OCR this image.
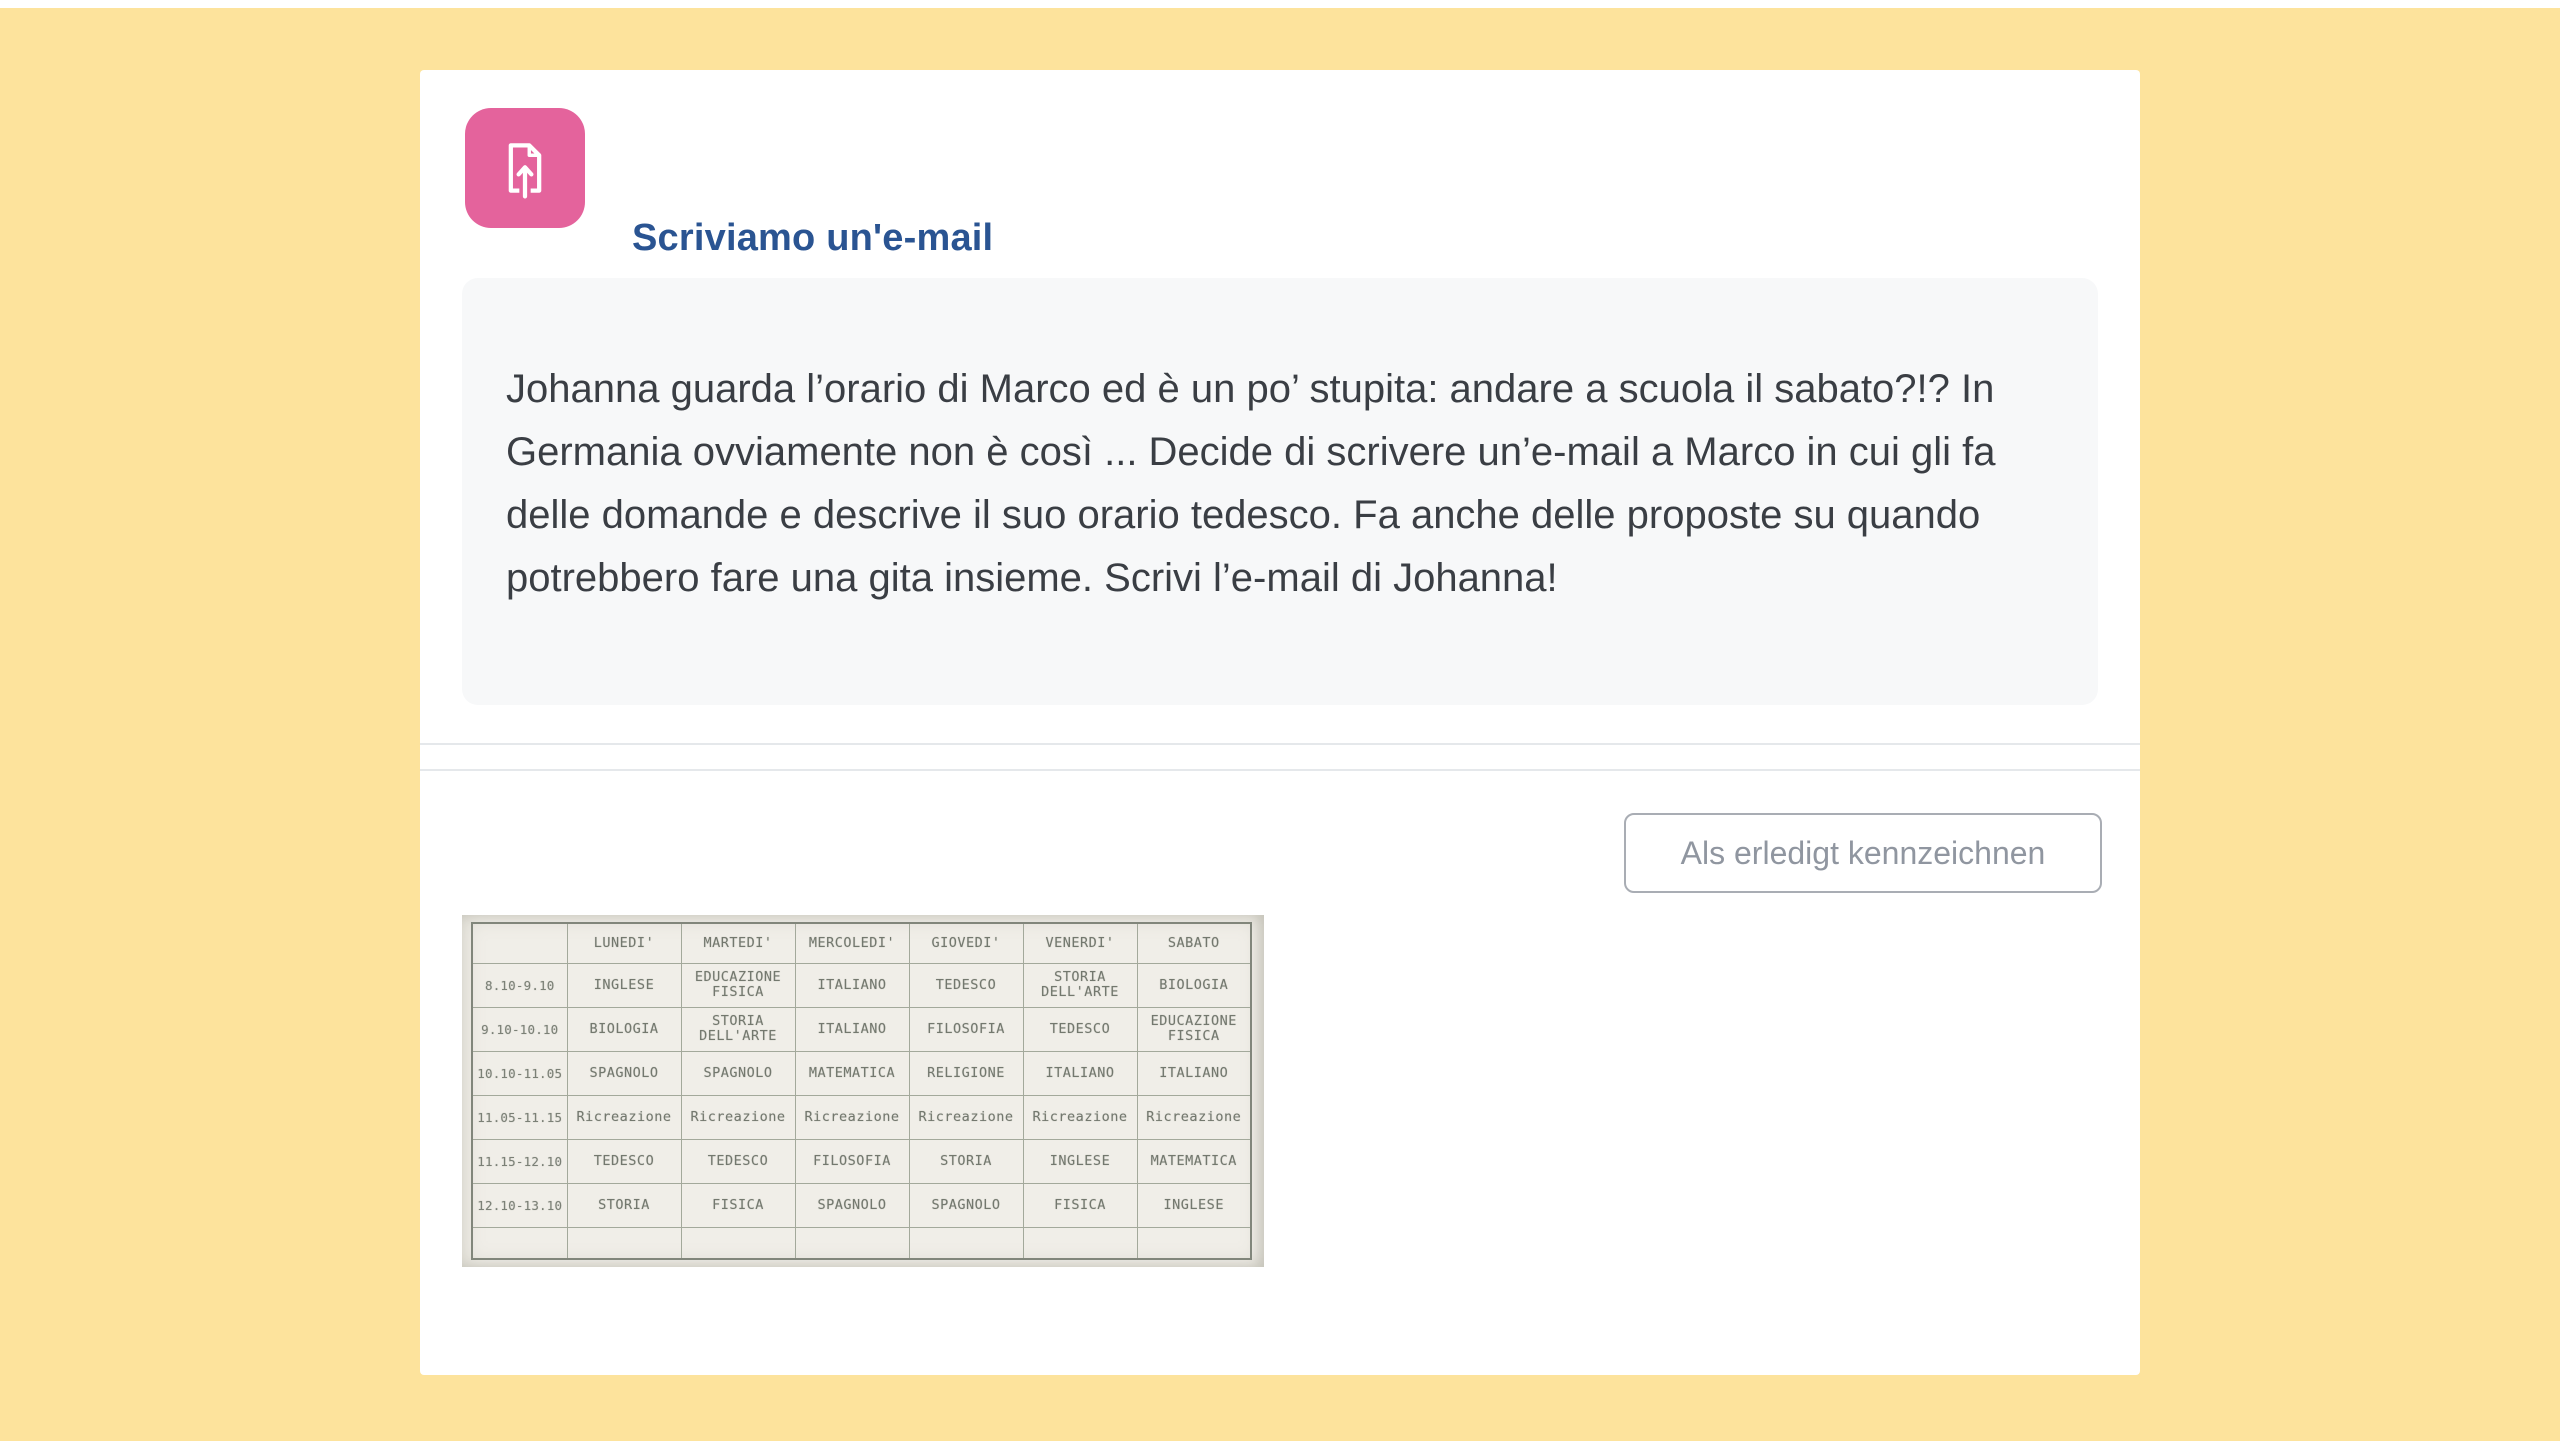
Scriviamo un'e-mail

Johanna guarda l’orario di Marco ed è un po’ stupita: andare a scuola il sabato?!? In Germania ovviamente non è così ... Decide di scrivere un’e-mail a Marco in cui gli fa delle domande e descrive il suo orario tedesco. Fa anche delle proposte su quando potrebbero fare una gita insieme. Scrivi l’e-mail di Johanna!

Als erledigt kennzeichnen
	LUNEDI'	MARTEDI'	MERCOLEDI'	GIOVEDI'	VENERDI'	SABATO
8.10-9.10	INGLESE	EDUCAZIONE FISICA	ITALIANO	TEDESCO	STORIA DELL'ARTE	BIOLOGIA
9.10-10.10	BIOLOGIA	STORIA DELL'ARTE	ITALIANO	FILOSOFIA	TEDESCO	EDUCAZIONE FISICA
10.10-11.05	SPAGNOLO	SPAGNOLO	MATEMATICA	RELIGIONE	ITALIANO	ITALIANO
11.05-11.15	Ricreazione	Ricreazione	Ricreazione	Ricreazione	Ricreazione	Ricreazione
11.15-12.10	TEDESCO	TEDESCO	FILOSOFIA	STORIA	INGLESE	MATEMATICA
12.10-13.10	STORIA	FISICA	SPAGNOLO	SPAGNOLO	FISICA	INGLESE
